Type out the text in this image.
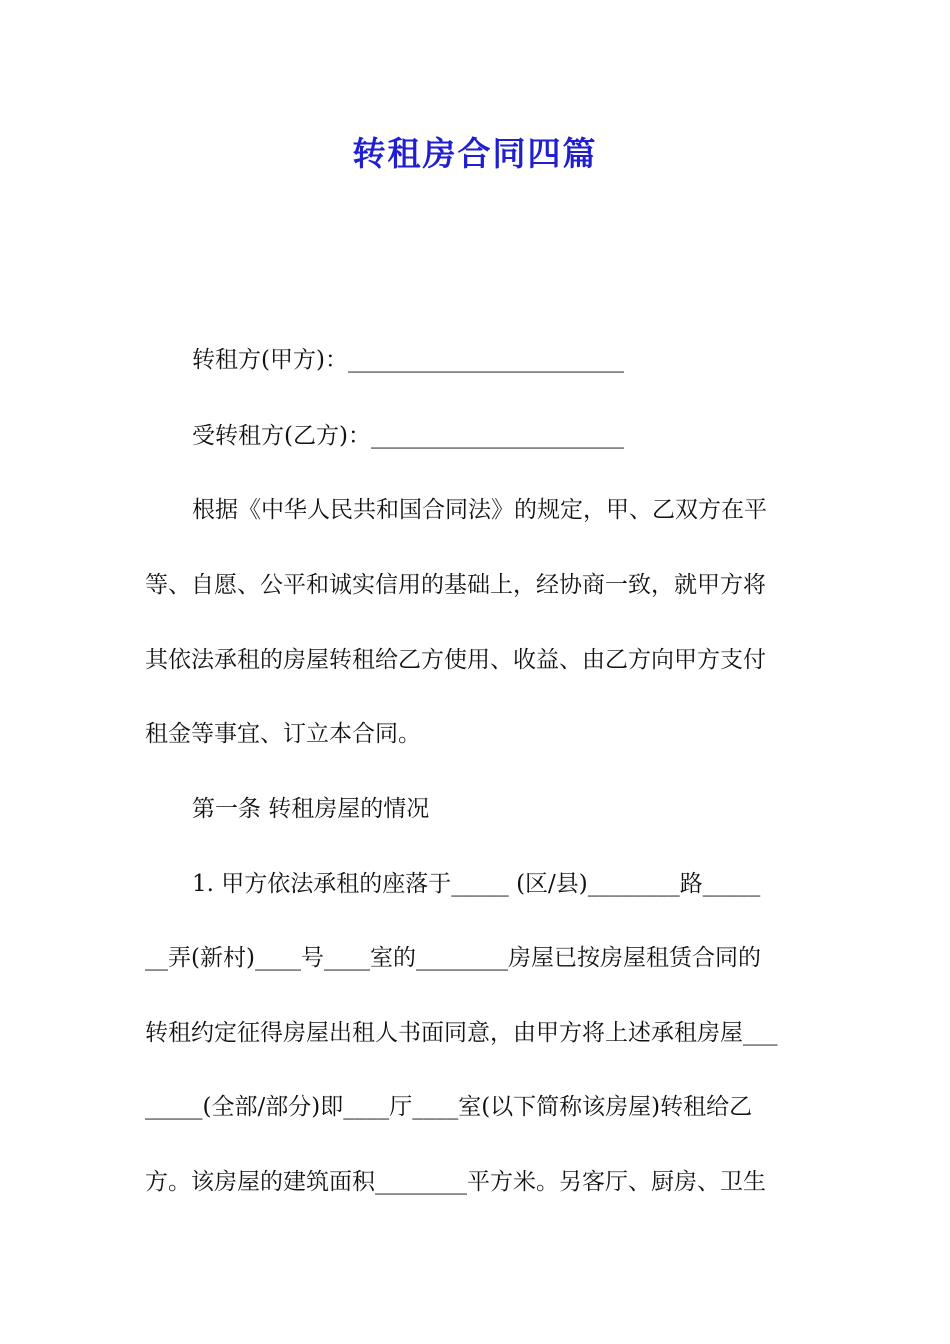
转租房合同四篇

转租方(甲方)：________________________

受转租方(乙方)：______________________

根据《中华人民共和国合同法》的规定，甲、乙双方在平

等、自愿、公平和诚实信用的基础上，经协商一致，就甲方将

其依法承租的房屋转租给乙方使用、收益、由乙方向甲方支付

租金等事宜、订立本合同。

第一条 转租房屋的情况

1. 甲方依法承租的座落于_____ (区/县)________路_____

__弄(新村)____号____室的________房屋已按房屋租赁合同的

转租约定征得房屋出租人书面同意，由甲方将上述承租房屋___

_____(全部/部分)即____厅____室(以下简称该房屋)转租给乙

方。该房屋的建筑面积________平方米。另客厅、厨房、卫生
